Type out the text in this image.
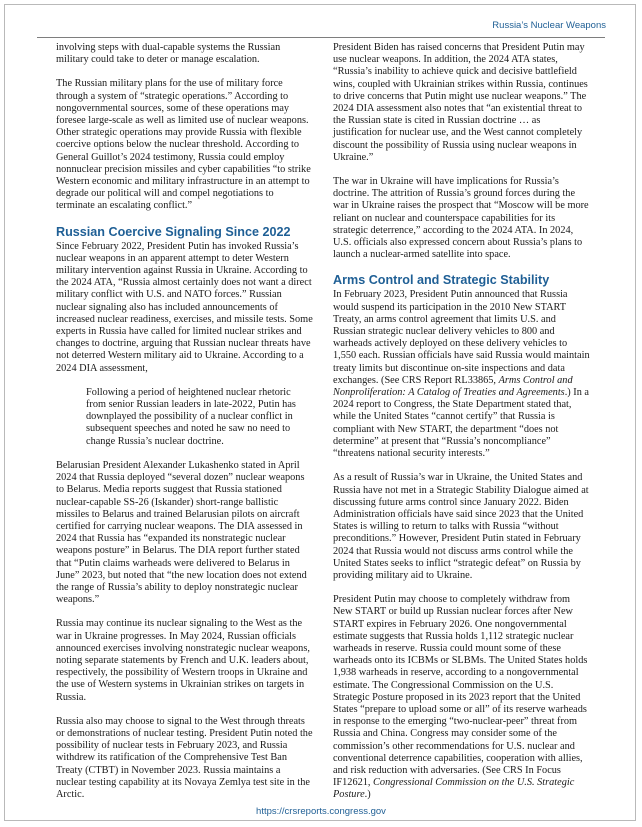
Russia’s Nuclear Weapons

involving steps with dual-capable systems the Russian military could take to deter or manage escalation.

The Russian military plans for the use of military force through a system of “strategic operations.” According to nongovernmental sources, some of these operations may foresee large-scale as well as limited use of nuclear weapons. Other strategic operations may provide Russia with flexible coercive options below the nuclear threshold. According to General Guillot’s 2024 testimony, Russia could employ nonnuclear precision missiles and cyber capabilities “to strike Western economic and military infrastructure in an attempt to degrade our political will and compel negotiations to terminate an escalating conflict.”

Russian Coercive Signaling Since 2022

Since February 2022, President Putin has invoked Russia’s nuclear weapons in an apparent attempt to deter Western military intervention against Russia in Ukraine. According to the 2024 ATA, “Russia almost certainly does not want a direct military conflict with U.S. and NATO forces.” Russian nuclear signaling also has included announcements of increased nuclear readiness, exercises, and missile tests. Some experts in Russia have called for limited nuclear strikes and changes to doctrine, arguing that Russian nuclear threats have not deterred Western military aid to Ukraine. According to a 2024 DIA assessment,

Following a period of heightened nuclear rhetoric from senior Russian leaders in late-2022, Putin has downplayed the possibility of a nuclear conflict in subsequent speeches and noted he saw no need to change Russia’s nuclear doctrine.

Belarusian President Alexander Lukashenko stated in April 2024 that Russia deployed “several dozen” nuclear weapons to Belarus. Media reports suggest that Russia stationed nuclear-capable SS-26 (Iskander) short-range ballistic missiles to Belarus and trained Belarusian pilots on aircraft certified for carrying nuclear weapons. The DIA assessed in 2024 that Russia has “expanded its nonstrategic nuclear weapons posture” in Belarus. The DIA report further stated that “Putin claims warheads were delivered to Belarus in June” 2023, but noted that “the new location does not extend the range of Russia’s ability to deploy nonstrategic nuclear weapons.”

Russia may continue its nuclear signaling to the West as the war in Ukraine progresses. In May 2024, Russian officials announced exercises involving nonstrategic nuclear weapons, noting separate statements by French and U.K. leaders about, respectively, the possibility of Western troops in Ukraine and the use of Western systems in Ukrainian strikes on targets in Russia.

Russia also may choose to signal to the West through threats or demonstrations of nuclear testing. President Putin noted the possibility of nuclear tests in February 2023, and Russia withdrew its ratification of the Comprehensive Test Ban Treaty (CTBT) in November 2023. Russia maintains a nuclear testing capability at its Novaya Zemlya test site in the Arctic.

President Biden has raised concerns that President Putin may use nuclear weapons. In addition, the 2024 ATA states, “Russia’s inability to achieve quick and decisive battlefield wins, coupled with Ukrainian strikes within Russia, continues to drive concerns that Putin might use nuclear weapons.” The 2024 DIA assessment also notes that “an existential threat to the Russian state is cited in Russian doctrine … as justification for nuclear use, and the West cannot completely discount the possibility of Russia using nuclear weapons in Ukraine.”

The war in Ukraine will have implications for Russia’s doctrine. The attrition of Russia’s ground forces during the war in Ukraine raises the prospect that “Moscow will be more reliant on nuclear and counterspace capabilities for its strategic deterrence,” according to the 2024 ATA. In 2024, U.S. officials also expressed concern about Russia’s plans to launch a nuclear-armed satellite into space.

Arms Control and Strategic Stability

In February 2023, President Putin announced that Russia would suspend its participation in the 2010 New START Treaty, an arms control agreement that limits U.S. and Russian strategic nuclear delivery vehicles to 800 and warheads actively deployed on these delivery vehicles to 1,550 each. Russian officials have said Russia would maintain treaty limits but discontinue on-site inspections and data exchanges. (See CRS Report RL33865, Arms Control and Nonproliferation: A Catalog of Treaties and Agreements.) In a 2024 report to Congress, the State Department stated that, while the United States “cannot certify” that Russia is compliant with New START, the department “does not determine” at present that “Russia’s noncompliance” “threatens national security interests.”

As a result of Russia’s war in Ukraine, the United States and Russia have not met in a Strategic Stability Dialogue aimed at discussing future arms control since January 2022. Biden Administration officials have said since 2023 that the United States is willing to return to talks with Russia “without preconditions.” However, President Putin stated in February 2024 that Russia would not discuss arms control while the United States seeks to inflict “strategic defeat” on Russia by providing military aid to Ukraine.

President Putin may choose to completely withdraw from New START or build up Russian nuclear forces after New START expires in February 2026. One nongovernmental estimate suggests that Russia holds 1,112 strategic nuclear warheads in reserve. Russia could mount some of these warheads onto its ICBMs or SLBMs. The United States holds 1,938 warheads in reserve, according to a nongovernmental estimate. The Congressional Commission on the U.S. Strategic Posture proposed in its 2023 report that the United States “prepare to upload some or all” of its reserve warheads in response to the emerging “two-nuclear-peer” threat from Russia and China. Congress may consider some of the commission’s other recommendations for U.S. nuclear and conventional deterrence capabilities, cooperation with allies, and risk reduction with adversaries. (See CRS In Focus IF12621, Congressional Commission on the U.S. Strategic Posture.)

https://crsreports.congress.gov
